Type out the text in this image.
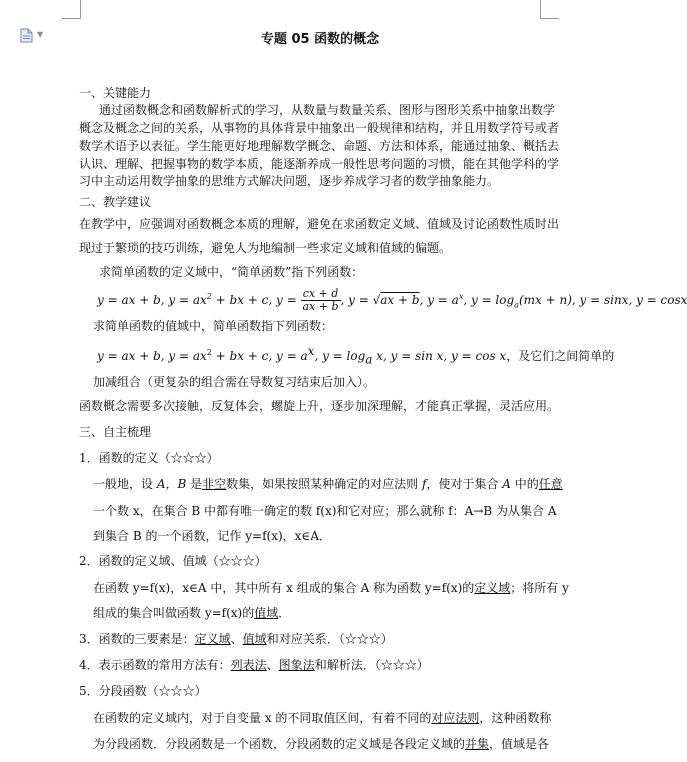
▼	专题 05 函数的概念
一、关键能力
通过函数概念和函数解析式的学习，从数量与数量关系、图形与图形关系中抽象出数学
概念及概念之间的关系，从事物的具体背景中抽象出一般规律和结构，并且用数学符号或者
数学术语予以表征。学生能更好地理解数学概念、命题、方法和体系，能通过抽象、概括去
认识、理解、把握事物的数学本质，能逐渐养成一般性思考问题的习惯，能在其他学科的学
习中主动运用数学抽象的思维方式解决问题，逐步养成学习者的数学抽象能力。
二、教学建议
在教学中，应强调对函数概念本质的理解，避免在求函数定义域、值域及讨论函数性质时出
现过于繁琐的技巧训练，避免人为地编制一些求定义域和值域的偏题。
求简单函数的定义域中，“简单函数”指下列函数：
y = ax + b, $y = ax^2$ + bx + c, $y = \frac{cx + d}{ax + b}$ , y = √ax + b, $y = a^x$, $y = \log_a(mx + n)$, y = sinx, y = cosx
求简单函数的值域中，简单函数指下列函数：
y = ax + b, $y = ax^2$ + bx + c, $y = a^x$, $y = \log_a x$, y = sin x, y = cos x，及它们之间简单的
加减组合（更复杂的组合需在导数复习结束后加入）。
函数概念需要多次接触，反复体会，螺旋上升，逐步加深理解，才能真正掌握，灵活应用。
三、自主梳理
1．函数的定义（☆☆☆）
一般地，设 A，B 是非空数集，如果按照某种确定的对应法则 f，使对于集合 A 中的任意
一个数 x，在集合 B 中都有唯一确定的数 f(x)和它对应；那么就称 f：A→B 为从集合 A
到集合 B 的一个函数，记作 y=f(x)，x∈A．
2．函数的定义域、值域（☆☆☆）
在函数 y=f(x)，x∈A 中，其中所有 x 组成的集合 A 称为函数 y=f(x)的定义域；将所有 y
组成的集合叫做函数 y=f(x)的值域．
3．函数的三要素是：定义域、值域和对应关系．（☆☆☆）
4．表示函数的常用方法有：列表法、图象法和解析法．（☆☆☆）
5．分段函数（☆☆☆）
在函数的定义域内，对于自变量 x 的不同取值区间，有着不同的对应法则，这种函数称
为分段函数．分段函数是一个函数，分段函数的定义域是各段定义域的并集，值域是各
